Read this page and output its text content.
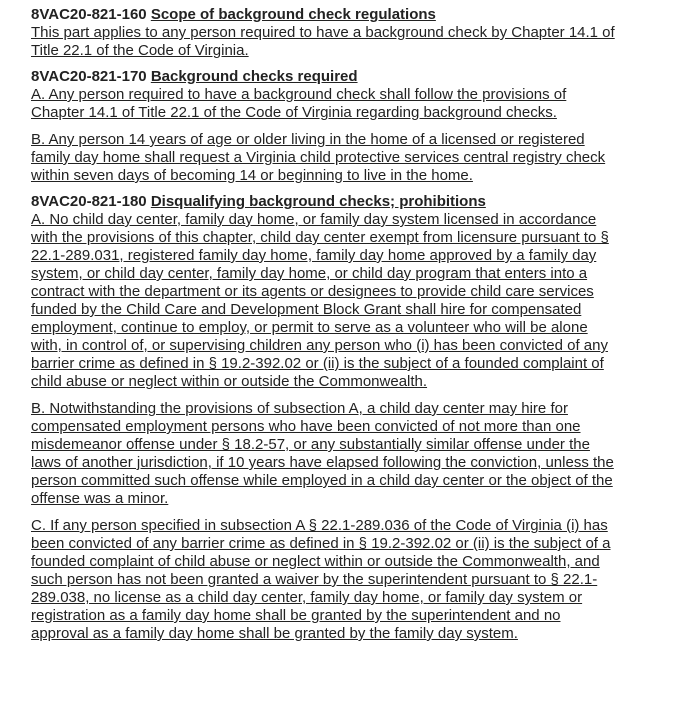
8VAC20-821-160 Scope of background check regulations

This part applies to any person required to have a background check by Chapter 14.1 of Title 22.1 of the Code of Virginia.

8VAC20-821-170 Background checks required

A. Any person required to have a background check shall follow the provisions of Chapter 14.1 of Title 22.1 of the Code of Virginia regarding background checks.

B. Any person 14 years of age or older living in the home of a licensed or registered family day home shall request a Virginia child protective services central registry check within seven days of becoming 14 or beginning to live in the home.

8VAC20-821-180 Disqualifying background checks; prohibitions

A. No child day center, family day home, or family day system licensed in accordance with the provisions of this chapter, child day center exempt from licensure pursuant to § 22.1-289.031, registered family day home, family day home approved by a family day system, or child day center, family day home, or child day program that enters into a contract with the department or its agents or designees to provide child care services funded by the Child Care and Development Block Grant shall hire for compensated employment, continue to employ, or permit to serve as a volunteer who will be alone with, in control of, or supervising children any person who (i) has been convicted of any barrier crime as defined in § 19.2-392.02 or (ii) is the subject of a founded complaint of child abuse or neglect within or outside the Commonwealth.

B. Notwithstanding the provisions of subsection A, a child day center may hire for compensated employment persons who have been convicted of not more than one misdemeanor offense under § 18.2-57, or any substantially similar offense under the laws of another jurisdiction, if 10 years have elapsed following the conviction, unless the person committed such offense while employed in a child day center or the object of the offense was a minor.

C. If any person specified in subsection A § 22.1-289.036 of the Code of Virginia (i) has been convicted of any barrier crime as defined in § 19.2-392.02 or (ii) is the subject of a founded complaint of child abuse or neglect within or outside the Commonwealth, and such person has not been granted a waiver by the superintendent pursuant to § 22.1-289.038, no license as a child day center, family day home, or family day system or registration as a family day home shall be granted by the superintendent and no approval as a family day home shall be granted by the family day system.
